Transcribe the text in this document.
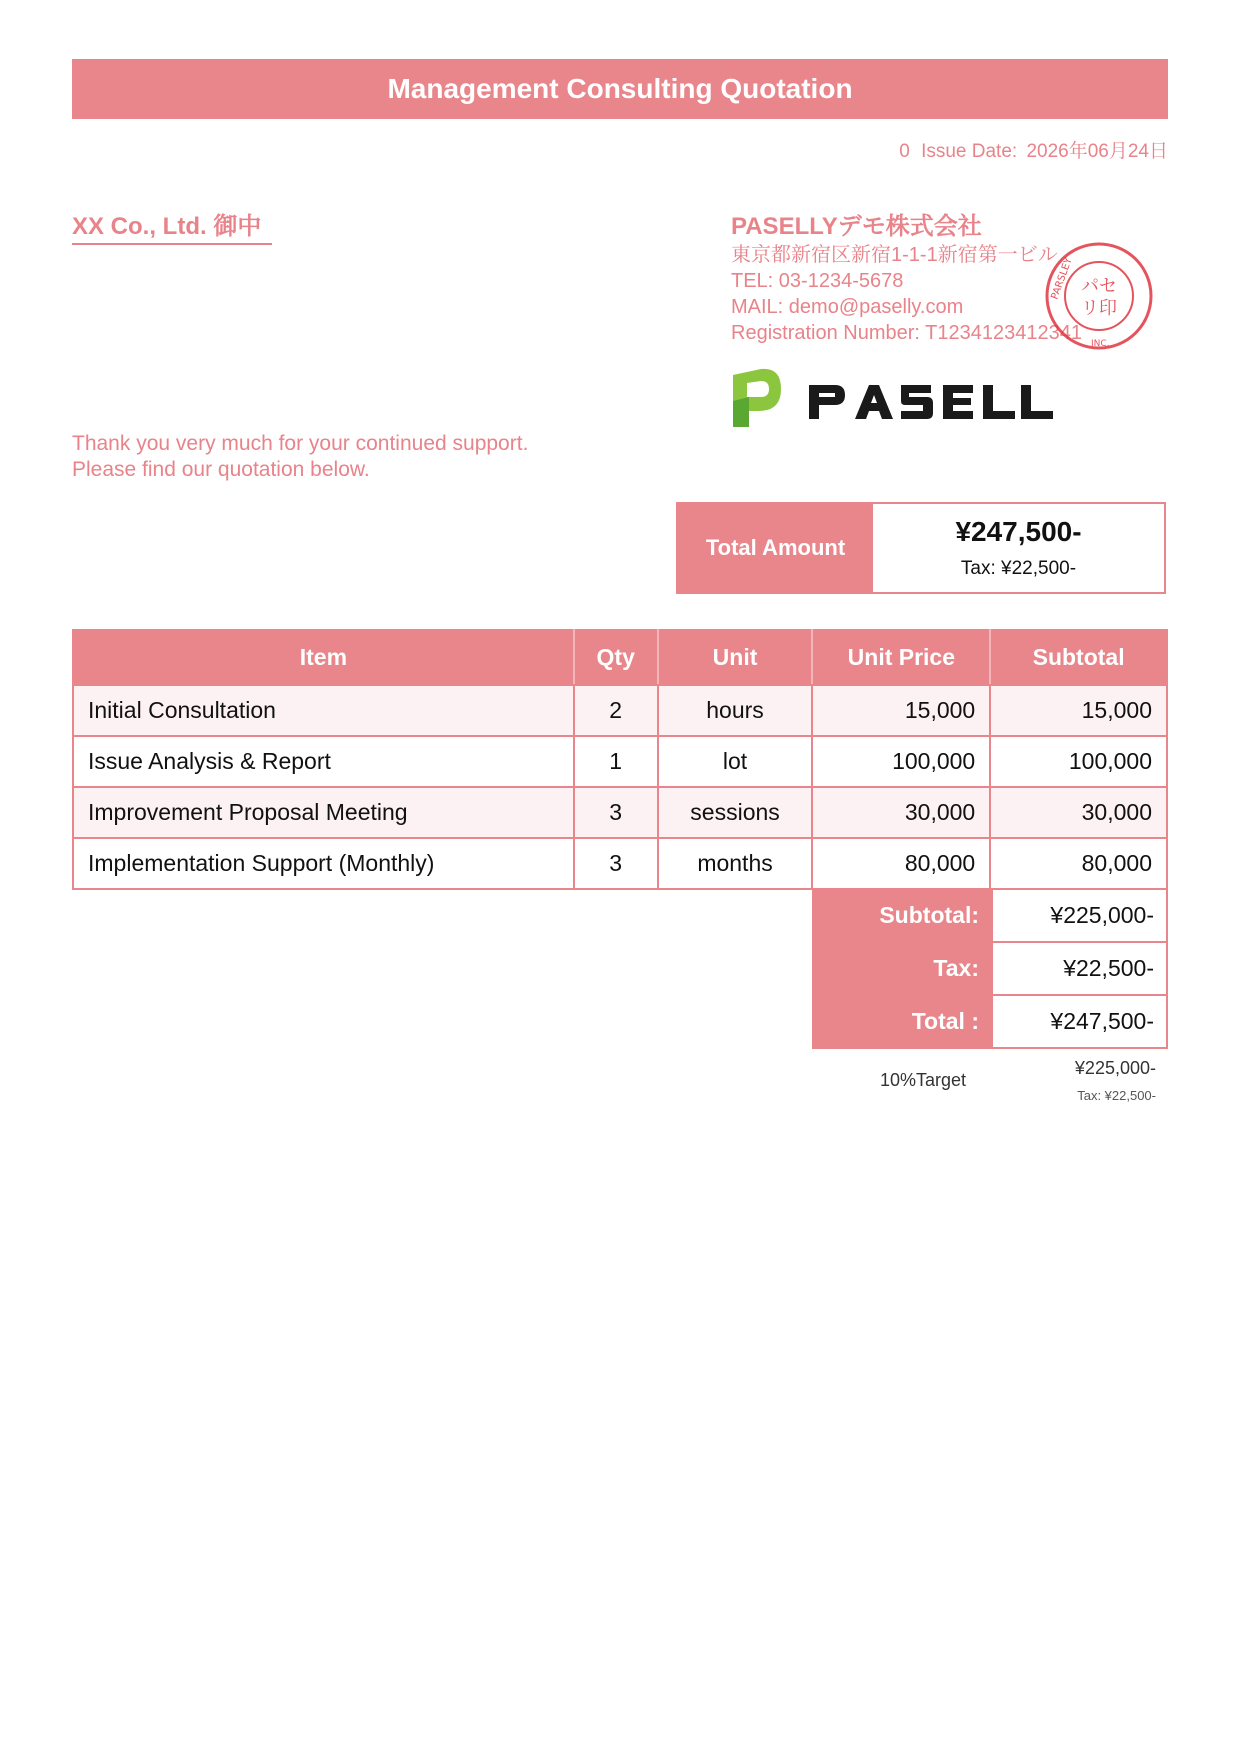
Management Consulting Quotation
0 Issue Date: 2026年06月24日
XX Co., Ltd. 御中	PASELLYデモ株式会社
東京都新宿区新宿1-1-1新宿第一ビル
TEL: 03-1234-5678
MAIL: demo@paselly.com
Registration Number: T1234123412341
パセ
リ印
PARSLEY
INC.
Thank you very much for your continued support.
Please find our quotation below.
Total Amount
¥247,500-
Tax: ¥22,500-
Item	Qty	Unit	Unit Price	Subtotal
Initial Consultation	2	hours	15,000	15,000
Issue Analysis & Report	1	lot	100,000	100,000
Improvement Proposal Meeting	3	sessions	30,000	30,000
Implementation Support (Monthly)	3	months	80,000	80,000
Subtotal:	¥225,000-
Tax:	¥22,500-
Total :	¥247,500-
10%Target
¥225,000-
Tax: ¥22,500-
